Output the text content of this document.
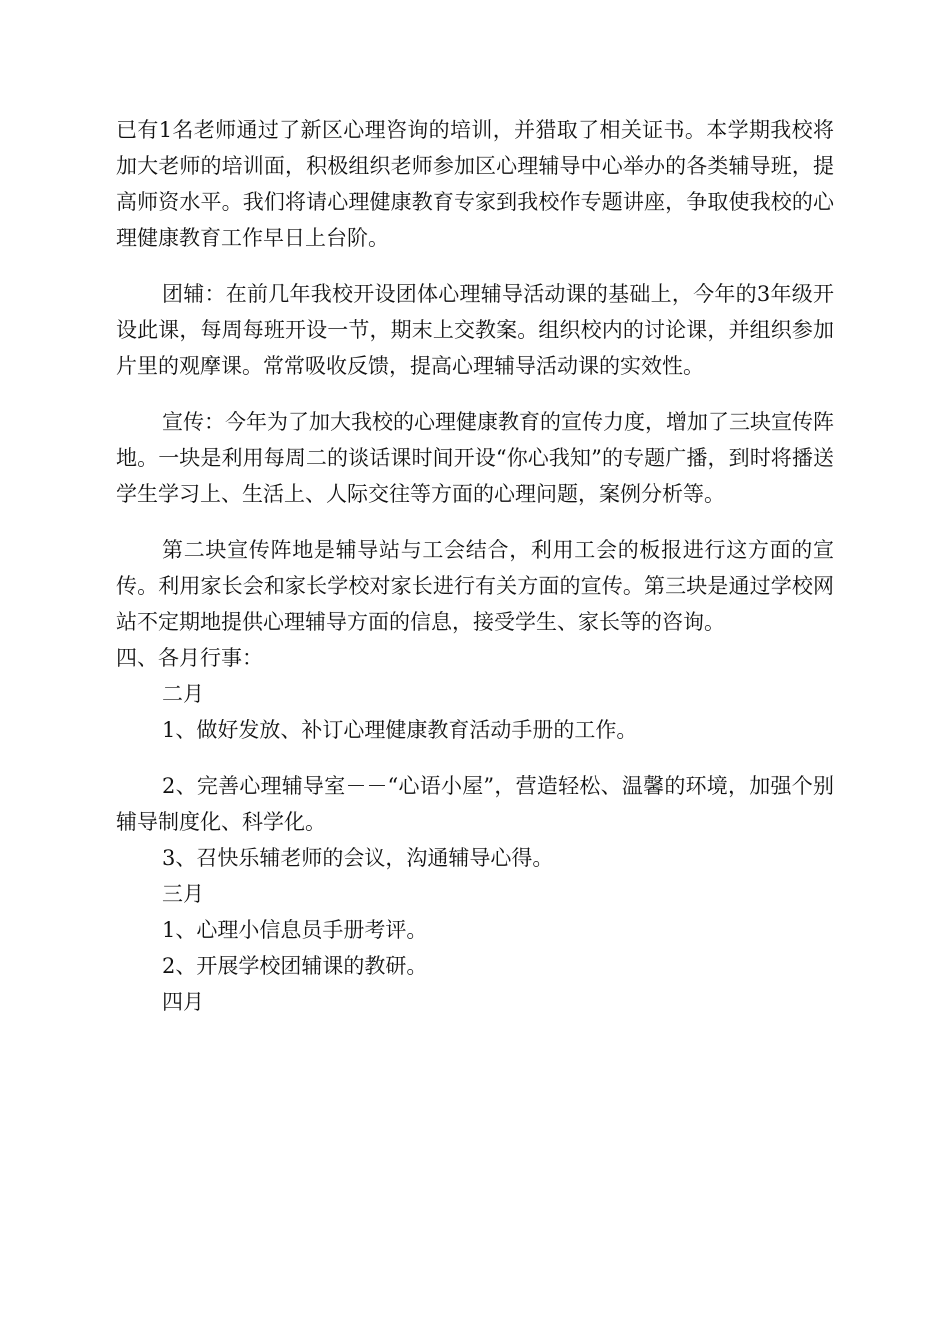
已有1名老师通过了新区心理咨询的培训，并猎取了相关证书。本学期我校将加大老师的培训面，积极组织老师参加区心理辅导中心举办的各类辅导班，提高师资水平。我们将请心理健康教育专家到我校作专题讲座，争取使我校的心理健康教育工作早日上台阶。

团辅：在前几年我校开设团体心理辅导活动课的基础上，今年的3年级开设此课，每周每班开设一节，期末上交教案。组织校内的讨论课，并组织参加片里的观摩课。常常吸收反馈，提高心理辅导活动课的实效性。

宣传：今年为了加大我校的心理健康教育的宣传力度，增加了三块宣传阵地。一块是利用每周二的谈话课时间开设“你心我知”的专题广播，到时将播送学生学习上、生活上、人际交往等方面的心理问题，案例分析等。

第二块宣传阵地是辅导站与工会结合，利用工会的板报进行这方面的宣传。利用家长会和家长学校对家长进行有关方面的宣传。第三块是通过学校网站不定期地提供心理辅导方面的信息，接受学生、家长等的咨询。

四、各月行事：

二月

1、做好发放、补订心理健康教育活动手册的工作。

2、完善心理辅导室－－“心语小屋”，营造轻松、温馨的环境，加强个别辅导制度化、科学化。

3、召快乐辅老师的会议，沟通辅导心得。

三月

1、心理小信息员手册考评。

2、开展学校团辅课的教研。

四月
